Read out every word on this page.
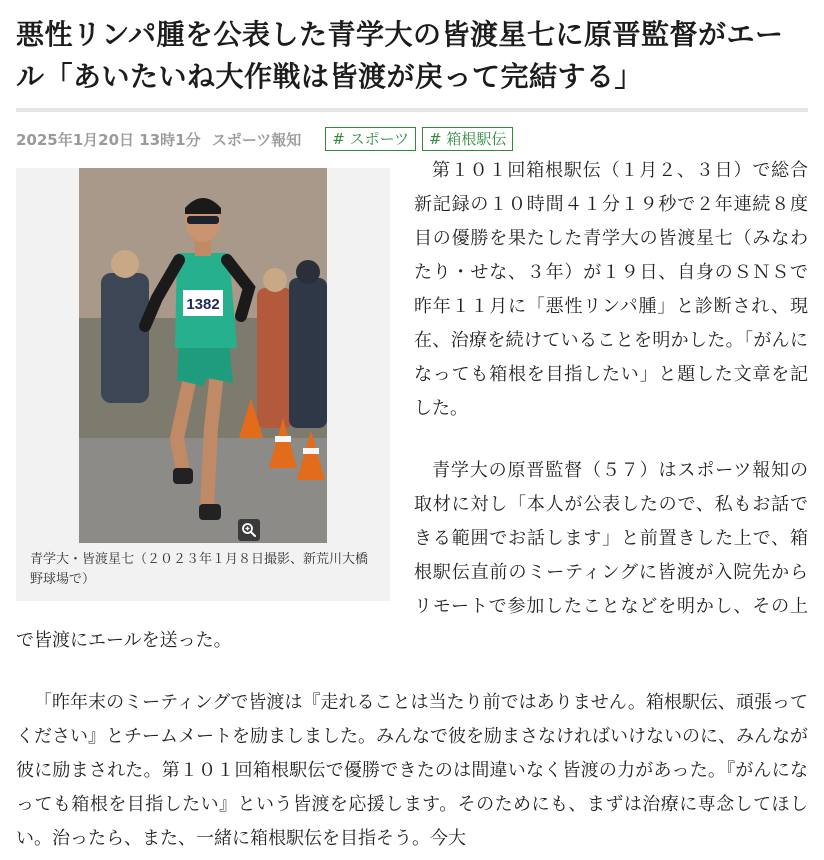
悪性リンパ腫を公表した青学大の皆渡星七に原晋監督がエール「あいたいね大作戦は皆渡が戻って完結する」
2025年1月20日 13時1分 スポーツ報知	# スポーツ	# 箱根駅伝
1382
青学大・皆渡星七（２０２３年１月８日撮影、新荒川大橋野球場で）

第１０１回箱根駅伝（１月２、３日）で総合新記録の１０時間４１分１９秒で２年連続８度目の優勝を果たした青学大の皆渡星七（みなわたり・せな、３年）が１９日、自身のＳＮＳで昨年１１月に「悪性リンパ腫」と診断され、現在、治療を続けていることを明かした。「がんになっても箱根を目指したい」と題した文章を記した。

青学大の原晋監督（５７）はスポーツ報知の取材に対し「本人が公表したので、私もお話できる範囲でお話します」と前置きした上で、箱根駅伝直前のミーティングに皆渡が入院先からリモートで参加したことなどを明かし、その上で皆渡にエールを送った。

「昨年末のミーティングで皆渡は『走れることは当たり前ではありません。箱根駅伝、頑張ってください』とチームメートを励ましました。みんなで彼を励まさなければいけないのに、みんなが彼に励まされた。第１０１回箱根駅伝で優勝できたのは間違いなく皆渡の力があった。『がんになっても箱根を目指したい』という皆渡を応援します。そのためにも、まずは治療に専念してほしい。治ったら、また、一緒に箱根駅伝を目指そう。今大
